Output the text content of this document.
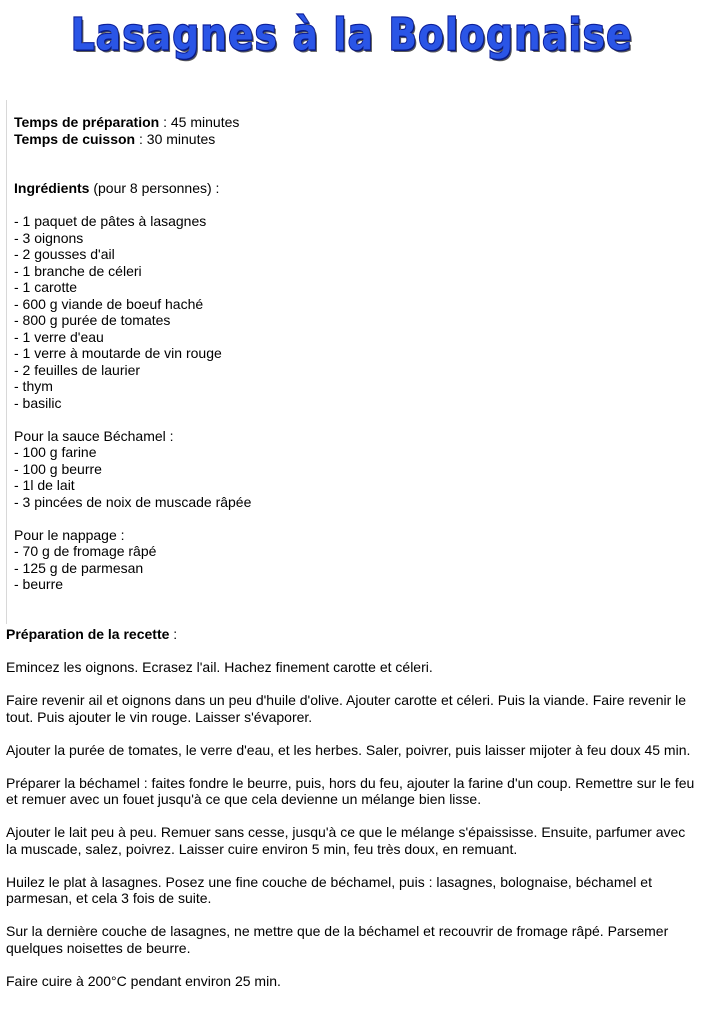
Lasagnes à la Bolognaise
Temps de préparation : 45 minutes
Temps de cuisson : 30 minutes
Ingrédients (pour 8 personnes) :
- 1 paquet de pâtes à lasagnes
- 3 oignons
- 2 gousses d'ail
- 1 branche de céleri
- 1 carotte
- 600 g viande de boeuf haché
- 800 g purée de tomates
- 1 verre d'eau
- 1 verre à moutarde de vin rouge
- 2 feuilles de laurier
- thym
- basilic
Pour la sauce Béchamel :
- 100 g farine
- 100 g beurre
- 1l de lait
- 3 pincées de noix de muscade râpée
Pour le nappage :
- 70 g de fromage râpé
- 125 g de parmesan
- beurre

Préparation de la recette :

Emincez les oignons. Ecrasez l'ail. Hachez finement carotte et céleri.

Faire revenir ail et oignons dans un peu d'huile d'olive. Ajouter carotte et céleri. Puis la viande. Faire revenir le tout. Puis ajouter le vin rouge. Laisser s'évaporer.

Ajouter la purée de tomates, le verre d'eau, et les herbes. Saler, poivrer, puis laisser mijoter à feu doux 45 min.

Préparer la béchamel : faites fondre le beurre, puis, hors du feu, ajouter la farine d'un coup. Remettre sur le feu et remuer avec un fouet jusqu'à ce que cela devienne un mélange bien lisse.

Ajouter le lait peu à peu. Remuer sans cesse, jusqu'à ce que le mélange s'épaississe. Ensuite, parfumer avec la muscade, salez, poivrez. Laisser cuire environ 5 min, feu très doux, en remuant.

Huilez le plat à lasagnes. Posez une fine couche de béchamel, puis : lasagnes, bolognaise, béchamel et parmesan, et cela 3 fois de suite.

Sur la dernière couche de lasagnes, ne mettre que de la béchamel et recouvrir de fromage râpé. Parsemer quelques noisettes de beurre.

Faire cuire à 200°C pendant environ 25 min.
